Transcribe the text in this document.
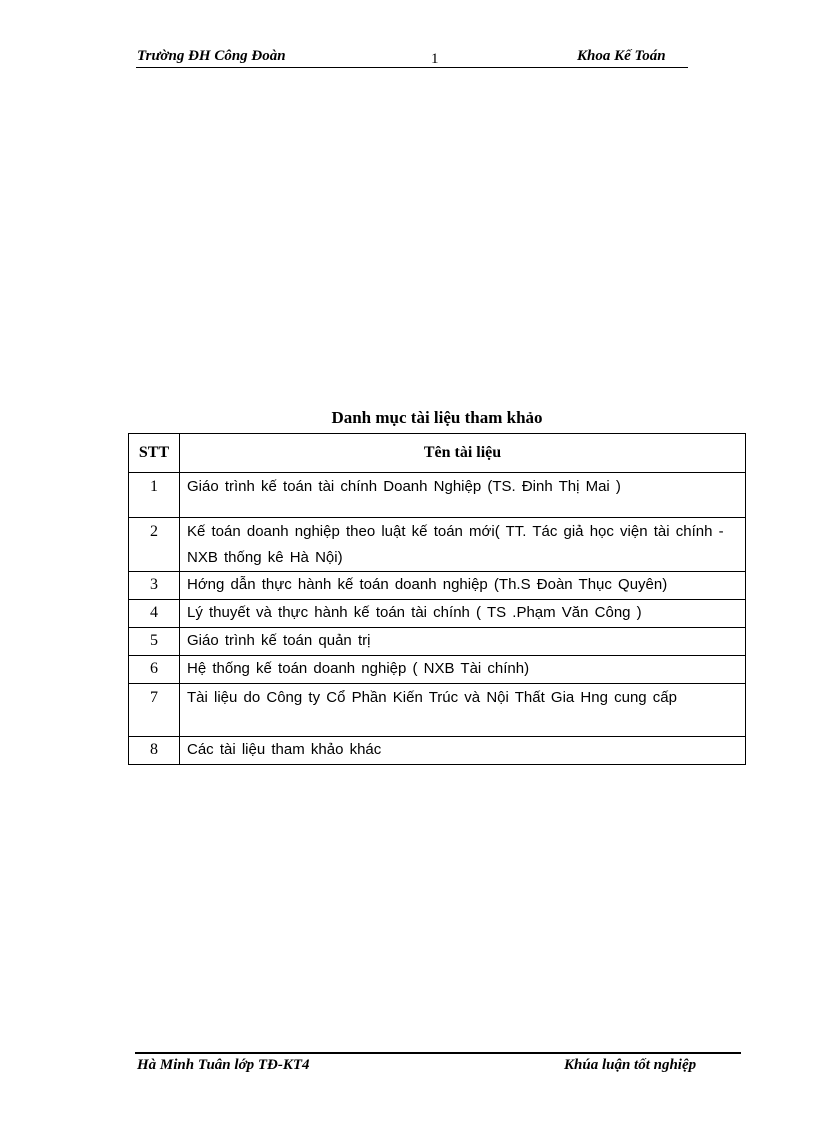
Trường ĐH Công Đoàn	1	Khoa Kế Toán
Danh mục tài liệu tham khảo
STT	Tên tài liệu
1	Giáo trình kế toán tài chính Doanh Nghiệp (TS. Đinh Thị Mai )
2	Kế toán doanh nghiệp theo luật kế toán mới( TT. Tác giả học viện tài chính - NXB thống kê Hà Nội)
3	Hớng dẫn thực hành kế toán doanh nghiệp (Th.S Đoàn Thục Quyên)
4	Lý thuyết và thực hành kế toán tài chính ( TS .Phạm Văn Công )
5	Giáo trình kế toán quản trị
6	Hệ thống kế toán doanh nghiệp ( NXB Tài chính)
7	Tài liệu do Công ty Cổ Phần Kiến Trúc và Nội Thất Gia Hng cung cấp
8	Các tài liệu tham khảo khác
Hà Minh Tuân lớp TĐ-KT4	Khúa luận tốt nghiệp
